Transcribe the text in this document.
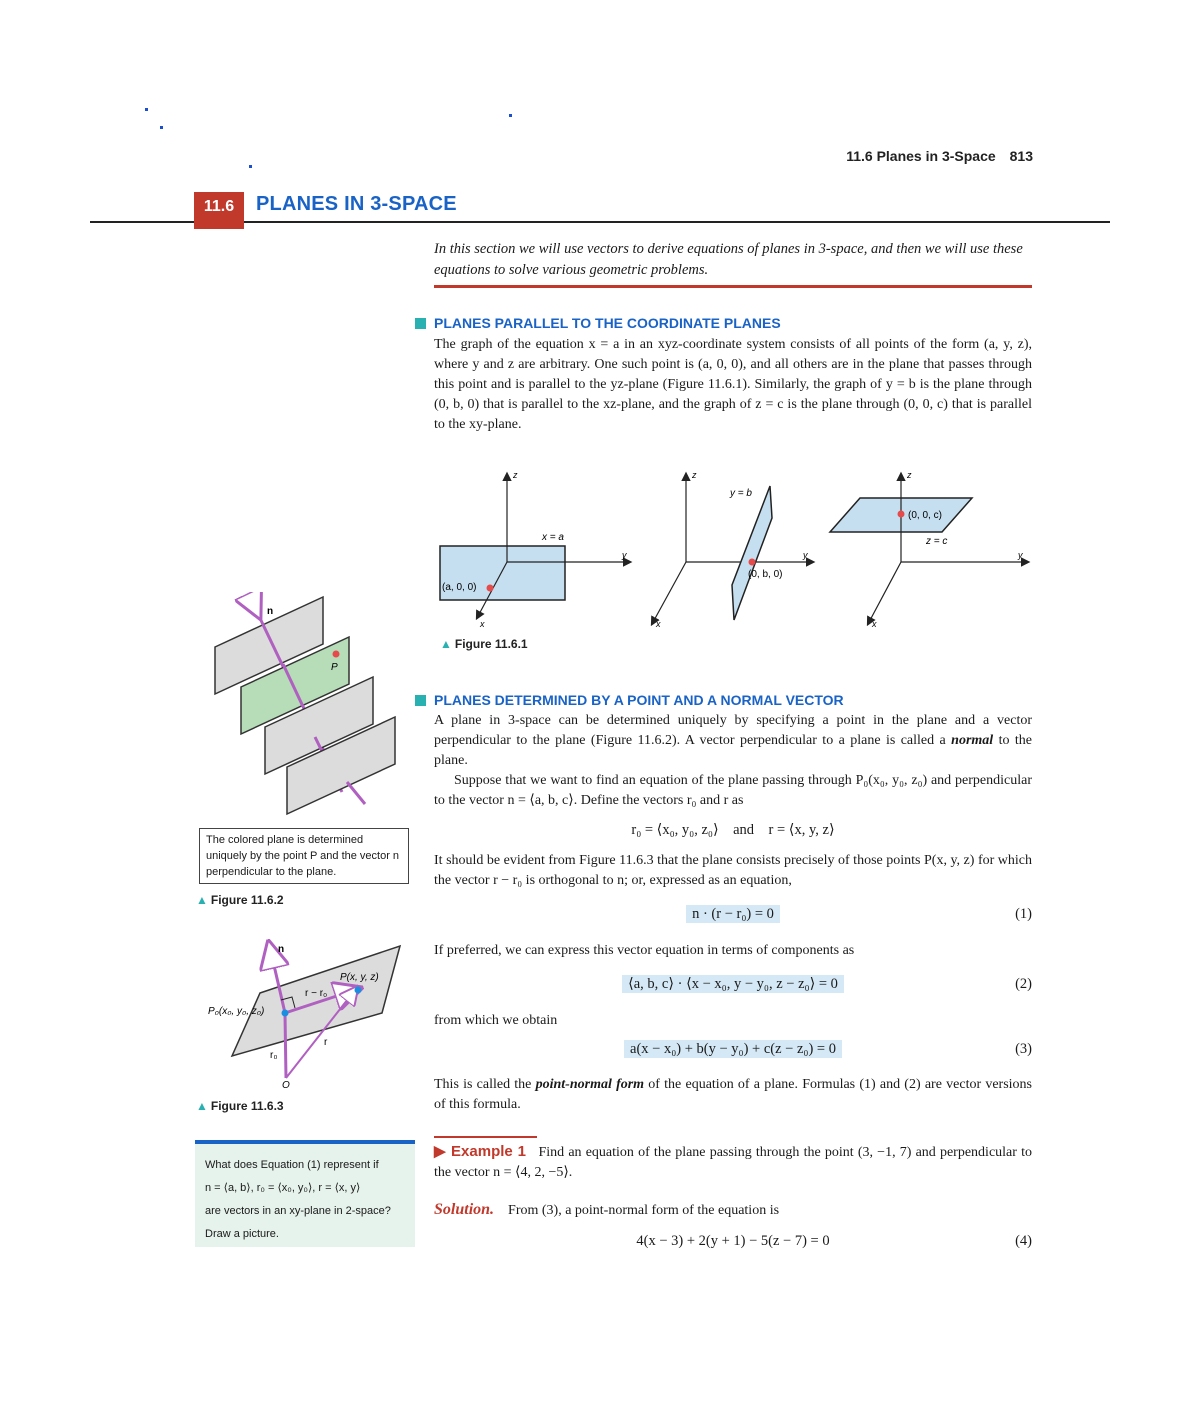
11.6 Planes in 3-Space 813
11.6	PLANES IN 3-SPACE
In this section we will use vectors to derive equations of planes in 3-space, and then we will use these equations to solve various geometric problems.
PLANES PARALLEL TO THE COORDINATE PLANES
The graph of the equation x = a in an xyz-coordinate system consists of all points of the form (a, y, z), where y and z are arbitrary. One such point is (a, 0, 0), and all others are in the plane that passes through this point and is parallel to the yz-plane (Figure 11.6.1). Similarly, the graph of y = b is the plane through (0, b, 0) that is parallel to the xz-plane, and the graph of z = c is the plane through (0, 0, c) that is parallel to the xy-plane.
z
y
x
x = a
(a, 0, 0)
z
y
x
y = b
(0, b, 0)
z
y
x
(0, 0, c)
z = c
▲ Figure 11.6.1
n
P
The colored plane is determined uniquely by the point P and the vector n perpendicular to the plane.
▲ Figure 11.6.2
n
P(x, y, z)
r − r₀
P₀(x₀, y₀, z₀)
r
r₀
O
▲ Figure 11.6.3
What does Equation (1) represent if
n = ⟨a, b⟩, r₀ = ⟨x₀, y₀⟩, r = ⟨x, y⟩
are vectors in an xy-plane in 2-space?
Draw a picture.
PLANES DETERMINED BY A POINT AND A NORMAL VECTOR
A plane in 3-space can be determined uniquely by specifying a point in the plane and a vector perpendicular to the plane (Figure 11.6.2). A vector perpendicular to a plane is called a normal to the plane.
Suppose that we want to find an equation of the plane passing through P₀(x₀, y₀, z₀) and perpendicular to the vector n = ⟨a, b, c⟩. Define the vectors r₀ and r as
r₀ = ⟨x₀, y₀, z₀⟩    and    r = ⟨x, y, z⟩
It should be evident from Figure 11.6.3 that the plane consists precisely of those points P(x, y, z) for which the vector r − r₀ is orthogonal to n; or, expressed as an equation,
n · (r − r₀) = 0	(1)
If preferred, we can express this vector equation in terms of components as
⟨a, b, c⟩ · ⟨x − x₀, y − y₀, z − z₀⟩ = 0	(2)
from which we obtain
a(x − x₀) + b(y − y₀) + c(z − z₀) = 0	(3)
This is called the point-normal form of the equation of a plane. Formulas (1) and (2) are vector versions of this formula.
▶ Example 1 Find an equation of the plane passing through the point (3, −1, 7) and perpendicular to the vector n = ⟨4, 2, −5⟩.
Solution. From (3), a point-normal form of the equation is
4(x − 3) + 2(y + 1) − 5(z − 7) = 0	(4)
